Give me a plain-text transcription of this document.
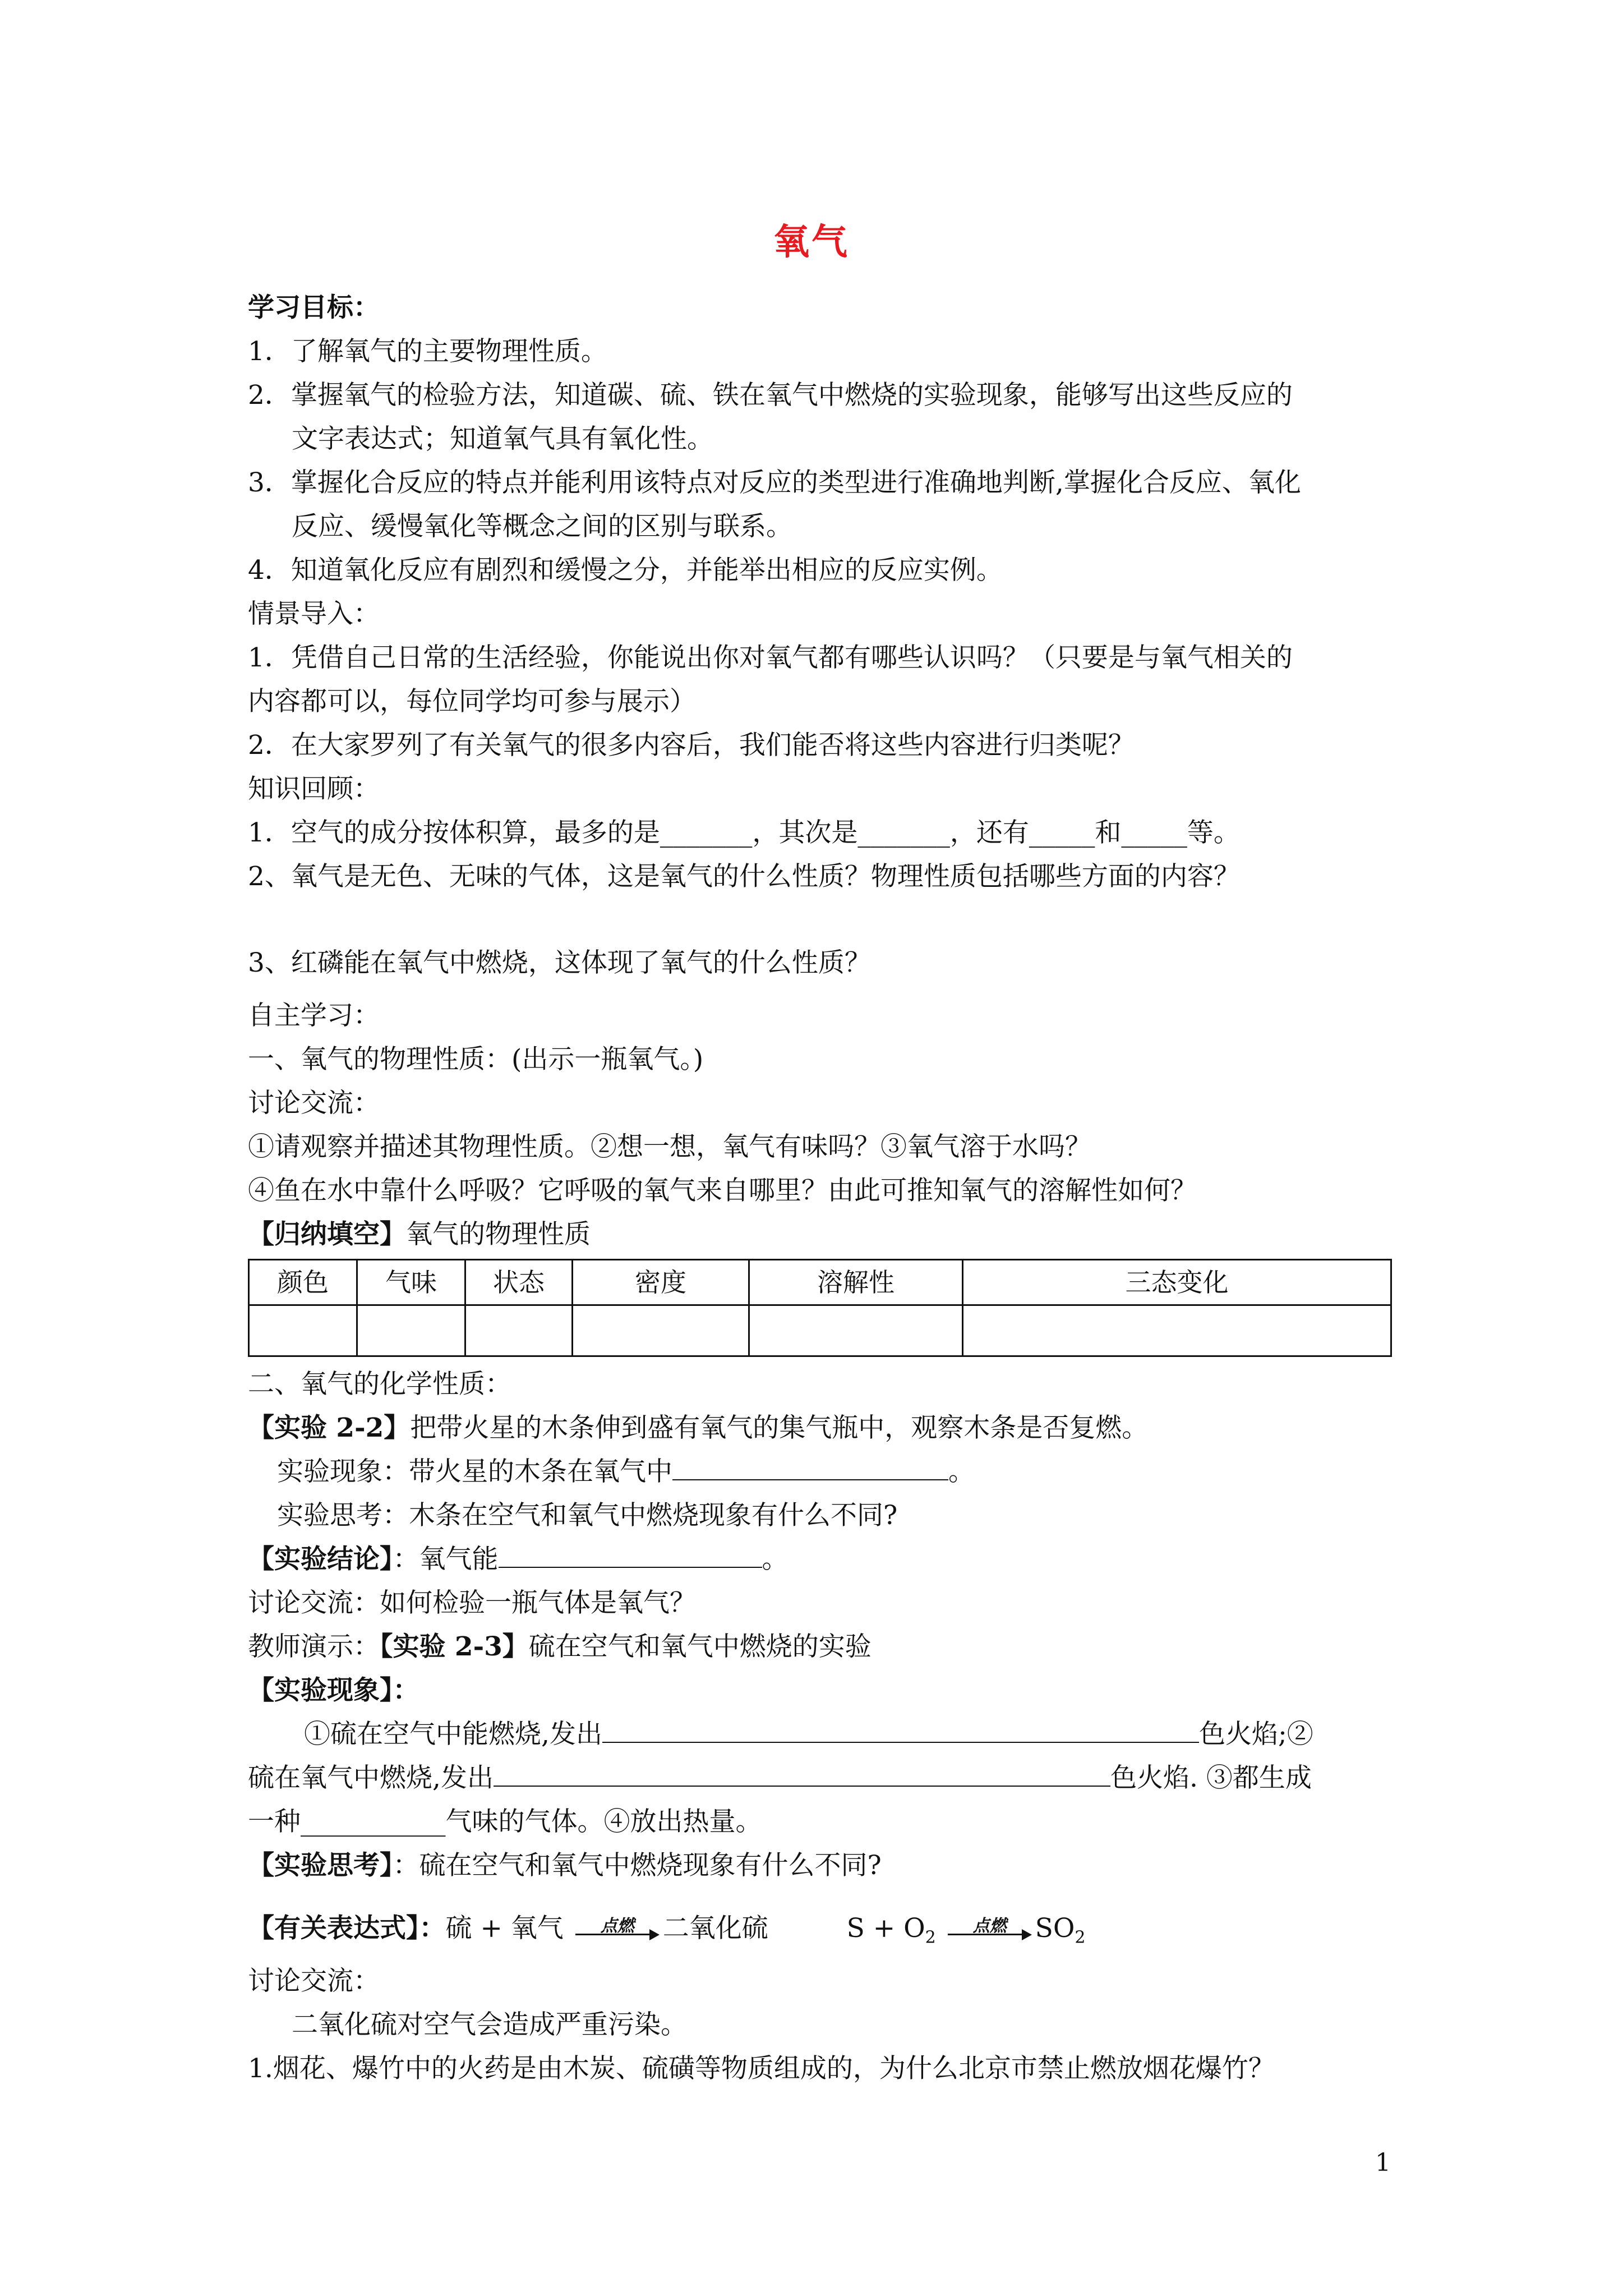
氧气
学习目标：
1．了解氧气的主要物理性质。
2．掌握氧气的检验方法，知道碳、硫、铁在氧气中燃烧的实验现象，能够写出这些反应的
文字表达式；知道氧气具有氧化性。
3．掌握化合反应的特点并能利用该特点对反应的类型进行准确地判断,掌握化合反应、氧化
反应、缓慢氧化等概念之间的区别与联系。
4．知道氧化反应有剧烈和缓慢之分，并能举出相应的反应实例。
情景导入：
1．凭借自己日常的生活经验，你能说出你对氧气都有哪些认识吗？（只要是与氧气相关的
内容都可以，每位同学均可参与展示）
2．在大家罗列了有关氧气的很多内容后，我们能否将这些内容进行归类呢？
知识回顾：
1．空气的成分按体积算，最多的是_______，其次是_______，还有_____和_____等。
2、氧气是无色、无味的气体，这是氧气的什么性质？物理性质包括哪些方面的内容？
3、红磷能在氧气中燃烧，这体现了氧气的什么性质？
自主学习：
一、氧气的物理性质：(出示一瓶氧气。)
讨论交流：
①请观察并描述其物理性质。②想一想，氧气有味吗？③氧气溶于水吗？
④鱼在水中靠什么呼吸？它呼吸的氧气来自哪里？由此可推知氧气的溶解性如何？
【归纳填空】氧气的物理性质
颜色	气味	状态	密度	溶解性	三态变化

二、氧气的化学性质：
【实验 2-2】把带火星的木条伸到盛有氧气的集气瓶中，观察木条是否复燃。
实验现象：带火星的木条在氧气中	。
实验思考：木条在空气和氧气中燃烧现象有什么不同?
【实验结论】：氧气能	。
讨论交流：如何检验一瓶气体是氧气？
教师演示：【实验 2-3】硫在空气和氧气中燃烧的实验
【实验现象】：
①硫在空气中能燃烧,发出	色火焰;②
硫在氧气中燃烧,发出	色火焰. ③都生成
一种___________气味的气体。④放出热量。
【实验思考】：硫在空气和氧气中燃烧现象有什么不同?
【有关表达式】：硫 + 氧气	点燃	二氧化硫	$S + O_2$
点燃	$SO_2$
讨论交流：
二氧化硫对空气会造成严重污染。
1.烟花、爆竹中的火药是由木炭、硫磺等物质组成的，为什么北京市禁止燃放烟花爆竹？
1
